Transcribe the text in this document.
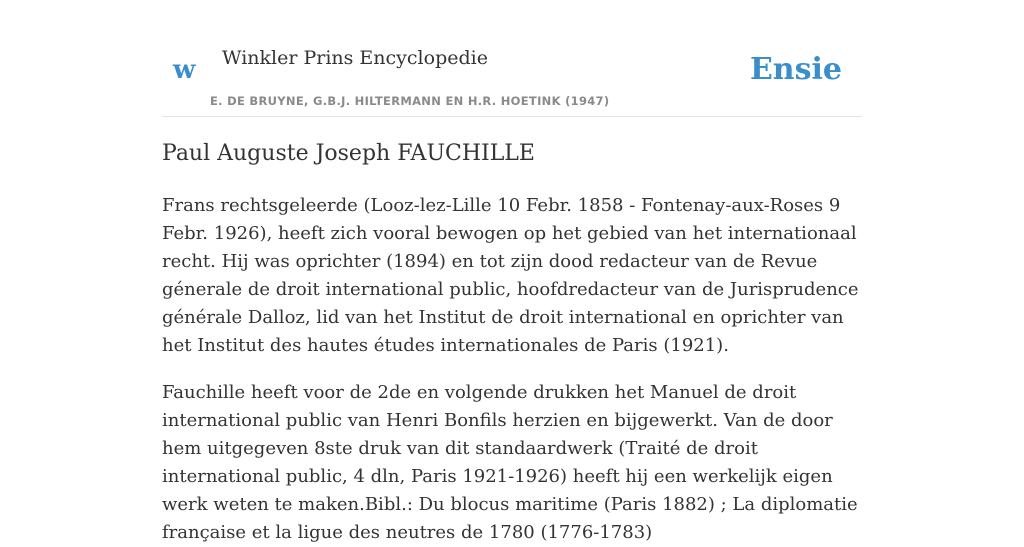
w Winkler Prins Encyclopedie
E. DE BRUYNE, G.B.J. HILTERMANN EN H.R. HOETINK (1947)
Ensie
Paul Auguste Joseph FAUCHILLE

Frans rechtsgeleerde (Looz-lez-Lille 10 Febr. 1858 - Fontenay-aux-Roses 9 Febr. 1926), heeft zich vooral bewogen op het gebied van het internationaal recht. Hij was oprichter (1894) en tot zijn dood redacteur van de Revue génerale de droit international public, hoofdredacteur van de Jurisprudence générale Dalloz, lid van het Institut de droit international en oprichter van het Institut des hautes études internationales de Paris (1921).

Fauchille heeft voor de 2de en volgende drukken het Manuel de droit international public van Henri Bonfils herzien en bijgewerkt. Van de door hem uitgegeven 8ste druk van dit standaardwerk (Traité de droit international public, 4 dln, Paris 1921-1926) heeft hij een werkelijk eigen werk weten te maken.Bibl.: Du blocus maritime (Paris 1882) ; La diplomatie française et la ligue des neutres de 1780 (1776-1783)
